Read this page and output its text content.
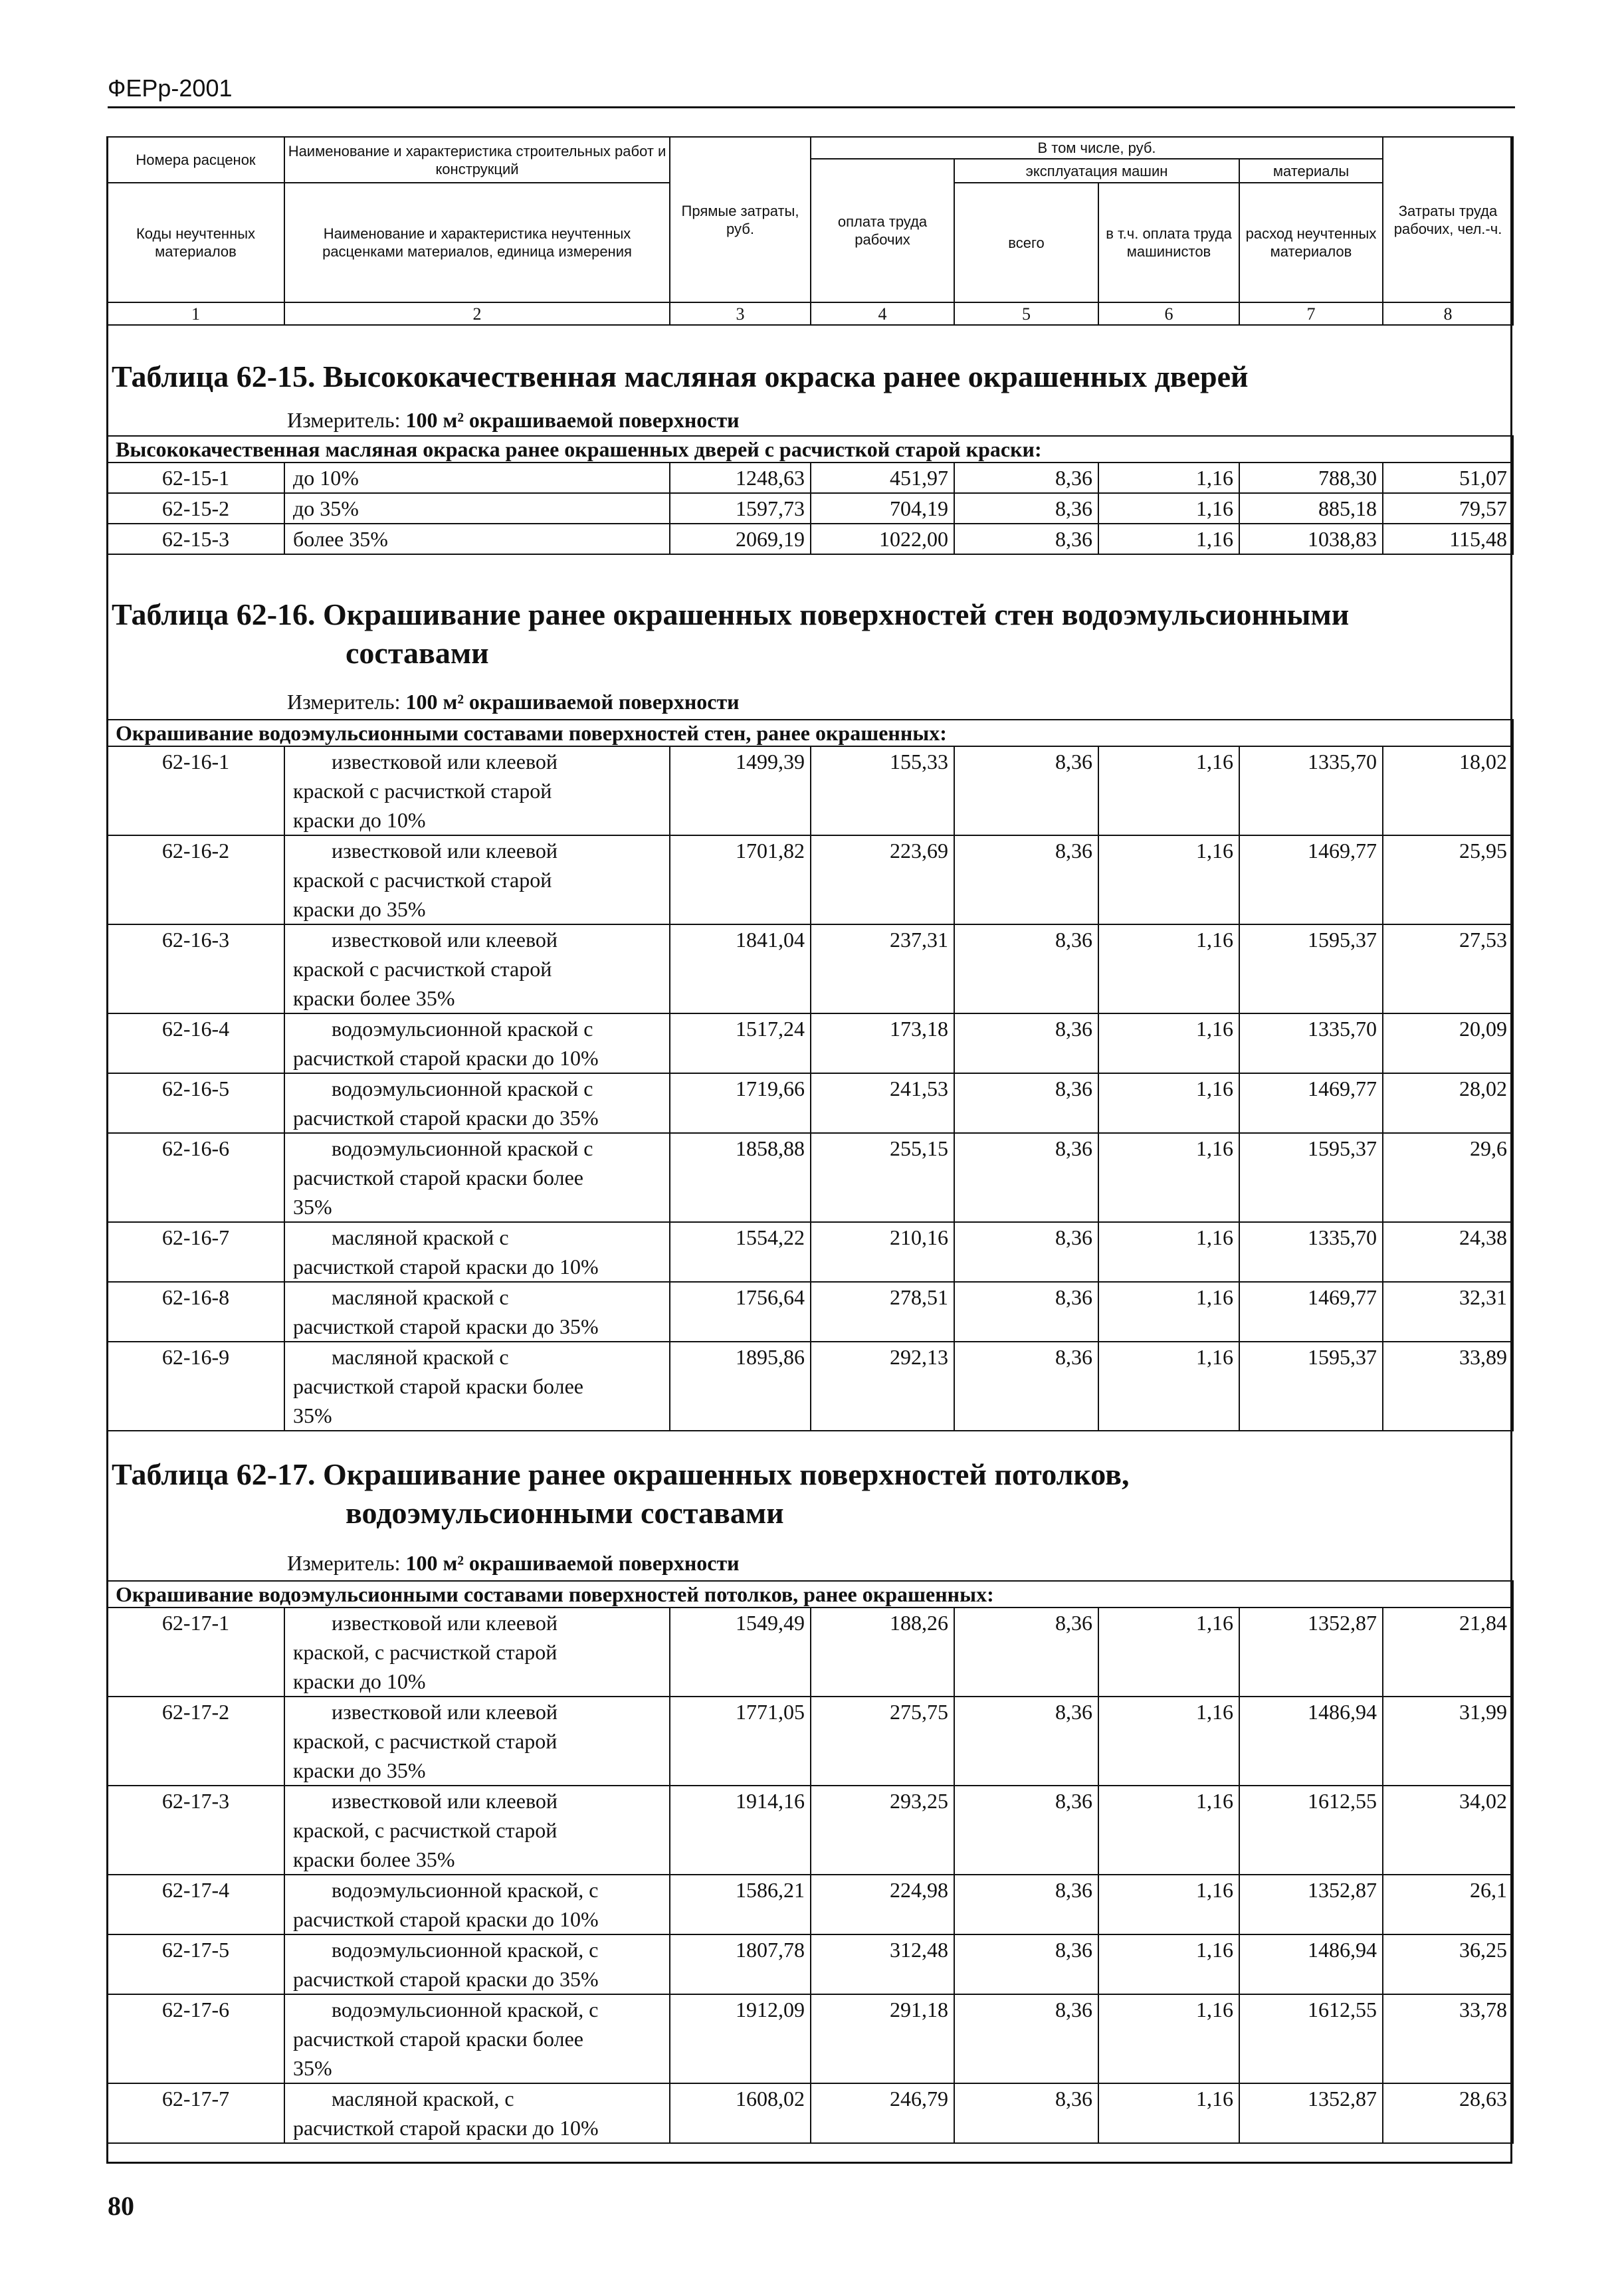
ФЕРр-2001
Номера расценок	Наименование и характеристика строительных работ и конструкций	Прямые затраты, руб.	В том числе, руб.				Затраты труда рабочих, чел.-ч.
			оплата труда рабочих	эксплуатация машин		материалы	
Коды неучтенных материалов	Наименование и характеристика неучтенных расценками материалов, единица измерения			всего	в т.ч. оплата труда машинистов	расход неучтенных материалов	

1	2	3	4	5	6	7	8
Таблица 62-15. Высококачественная масляная окраска ранее окрашенных дверей
Измеритель: 100 м² окрашиваемой поверхности
Высококачественная масляная окраска ранее окрашенных дверей с расчисткой старой краски:							
62-15-1	до 10%	1248,63	451,97	8,36	1,16	788,30	51,07
62-15-2	до 35%	1597,73	704,19	8,36	1,16	885,18	79,57
62-15-3	более 35%	2069,19	1022,00	8,36	1,16	1038,83	115,48
Таблица 62-16. Окрашивание ранее окрашенных поверхностей стен водоэмульсионными
составами
Измеритель: 100 м² окрашиваемой поверхности
Окрашивание водоэмульсионными составами поверхностей стен, ранее окрашенных:							
62-16-1	известковой или клеевой
краской с расчисткой старой
краски до 10%	1499,39	155,33	8,36	1,16	1335,70	18,02
62-16-2	известковой или клеевой
краской с расчисткой старой
краски до 35%	1701,82	223,69	8,36	1,16	1469,77	25,95
62-16-3	известковой или клеевой
краской с расчисткой старой
краски более 35%	1841,04	237,31	8,36	1,16	1595,37	27,53
62-16-4	водоэмульсионной краской с
расчисткой старой краски до 10%	1517,24	173,18	8,36	1,16	1335,70	20,09
62-16-5	водоэмульсионной краской с
расчисткой старой краски до 35%	1719,66	241,53	8,36	1,16	1469,77	28,02
62-16-6	водоэмульсионной краской с
расчисткой старой краски более
35%	1858,88	255,15	8,36	1,16	1595,37	29,6
62-16-7	масляной краской с
расчисткой старой краски до 10%	1554,22	210,16	8,36	1,16	1335,70	24,38
62-16-8	масляной краской с
расчисткой старой краски до 35%	1756,64	278,51	8,36	1,16	1469,77	32,31
62-16-9	масляной краской с
расчисткой старой краски более
35%	1895,86	292,13	8,36	1,16	1595,37	33,89
Таблица 62-17. Окрашивание ранее окрашенных поверхностей потолков,
водоэмульсионными составами
Измеритель: 100 м² окрашиваемой поверхности
Окрашивание водоэмульсионными составами поверхностей потолков, ранее окрашенных:							
62-17-1	известковой или клеевой
краской, с расчисткой старой
краски до 10%	1549,49	188,26	8,36	1,16	1352,87	21,84
62-17-2	известковой или клеевой
краской, с расчисткой старой
краски до 35%	1771,05	275,75	8,36	1,16	1486,94	31,99
62-17-3	известковой или клеевой
краской, с расчисткой старой
краски более 35%	1914,16	293,25	8,36	1,16	1612,55	34,02
62-17-4	водоэмульсионной краской, с
расчисткой старой краски до 10%	1586,21	224,98	8,36	1,16	1352,87	26,1
62-17-5	водоэмульсионной краской, с
расчисткой старой краски до 35%	1807,78	312,48	8,36	1,16	1486,94	36,25
62-17-6	водоэмульсионной краской, с
расчисткой старой краски более
35%	1912,09	291,18	8,36	1,16	1612,55	33,78
62-17-7	масляной краской, с
расчисткой старой краски до 10%	1608,02	246,79	8,36	1,16	1352,87	28,63
80
